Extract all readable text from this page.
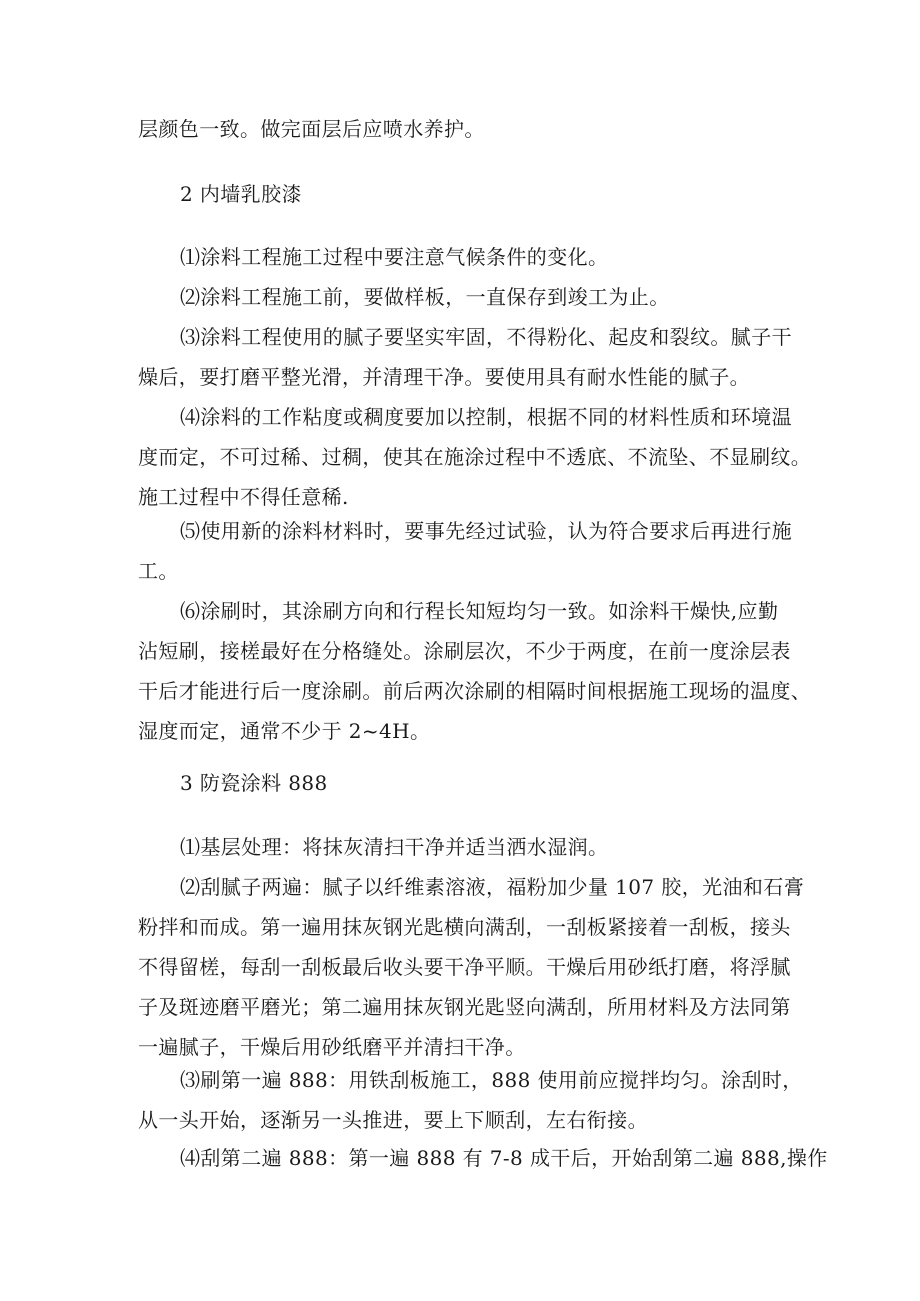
层颜色一致。做完面层后应喷水养护。

2 内墙乳胶漆

⑴涂料工程施工过程中要注意气候条件的变化。

⑵涂料工程施工前，要做样板，一直保存到竣工为止。

⑶涂料工程使用的腻子要坚实牢固，不得粉化、起皮和裂纹。腻子干
燥后，要打磨平整光滑，并清理干净。要使用具有耐水性能的腻子。

⑷涂料的工作粘度或稠度要加以控制，根据不同的材料性质和环境温
度而定，不可过稀、过稠，使其在施涂过程中不透底、不流坠、不显刷纹。
施工过程中不得任意稀.

⑸使用新的涂料材料时，要事先经过试验，认为符合要求后再进行施
工。

⑹涂刷时，其涂刷方向和行程长知短均匀一致。如涂料干燥快,应勤
沾短刷，接槎最好在分格缝处。涂刷层次，不少于两度，在前一度涂层表
干后才能进行后一度涂刷。前后两次涂刷的相隔时间根据施工现场的温度、
湿度而定，通常不少于 2~4H。

3 防瓷涂料 888

⑴基层处理：将抹灰清扫干净并适当洒水湿润。

⑵刮腻子两遍：腻子以纤维素溶液，福粉加少量 107 胶，光油和石膏
粉拌和而成。第一遍用抹灰钢光匙横向满刮，一刮板紧接着一刮板，接头
不得留槎，每刮一刮板最后收头要干净平顺。干燥后用砂纸打磨，将浮腻
子及斑迹磨平磨光；第二遍用抹灰钢光匙竖向满刮，所用材料及方法同第
一遍腻子，干燥后用砂纸磨平并清扫干净。

⑶刷第一遍 888：用铁刮板施工，888 使用前应搅拌均匀。涂刮时，
从一头开始，逐渐另一头推进，要上下顺刮，左右衔接。

⑷刮第二遍 888：第一遍 888 有 7-8 成干后，开始刮第二遍 888,操作
